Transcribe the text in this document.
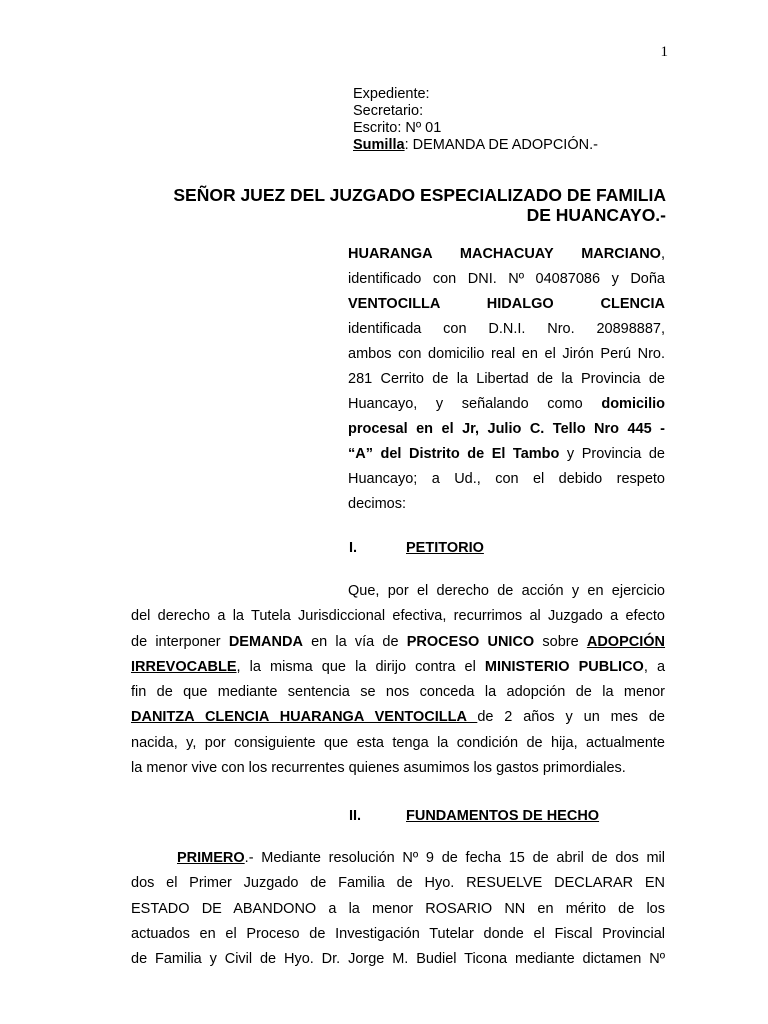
1
Expediente:
Secretario:
Escrito: Nº 01
Sumilla: DEMANDA DE ADOPCIÓN.-
SEÑOR JUEZ DEL JUZGADO ESPECIALIZADO DE FAMILIA
DE HUANCAYO.-
HUARANGA MACHACUAY MARCIANO,
identificado con DNI. Nº 04087086 y Doña
VENTOCILLA HIDALGO CLENCIA
identificada con D.N.I. Nro. 20898887,
ambos con domicilio real en el Jirón Perú Nro.
281 Cerrito de la Libertad de la Provincia de
Huancayo, y señalando como domicilio
procesal en el Jr, Julio C. Tello Nro 445 -
“A” del Distrito de El Tambo y Provincia de
Huancayo; a Ud., con el debido respeto
decimos:
I.	PETITORIO
Que, por el derecho de acción y en ejercicio
del derecho a la Tutela Jurisdiccional efectiva, recurrimos al Juzgado a efecto
de interponer DEMANDA en la vía de PROCESO UNICO sobre ADOPCIÓN
IRREVOCABLE, la misma que la dirijo contra el MINISTERIO PUBLICO, a
fin de que mediante sentencia se nos conceda la adopción de la menor
DANITZA CLENCIA HUARANGA VENTOCILLA de 2 años y un mes de
nacida, y, por consiguiente que esta tenga la condición de hija, actualmente
la menor vive con los recurrentes quienes asumimos los gastos primordiales.
II.	FUNDAMENTOS DE HECHO
PRIMERO.- Mediante resolución Nº 9 de fecha 15 de abril de dos mil
dos el Primer Juzgado de Familia de Hyo. RESUELVE DECLARAR EN
ESTADO DE ABANDONO a la menor ROSARIO NN en mérito de los
actuados en el Proceso de Investigación Tutelar donde el Fiscal Provincial
de Familia y Civil de Hyo. Dr. Jorge M. Budiel Ticona mediante dictamen Nº
